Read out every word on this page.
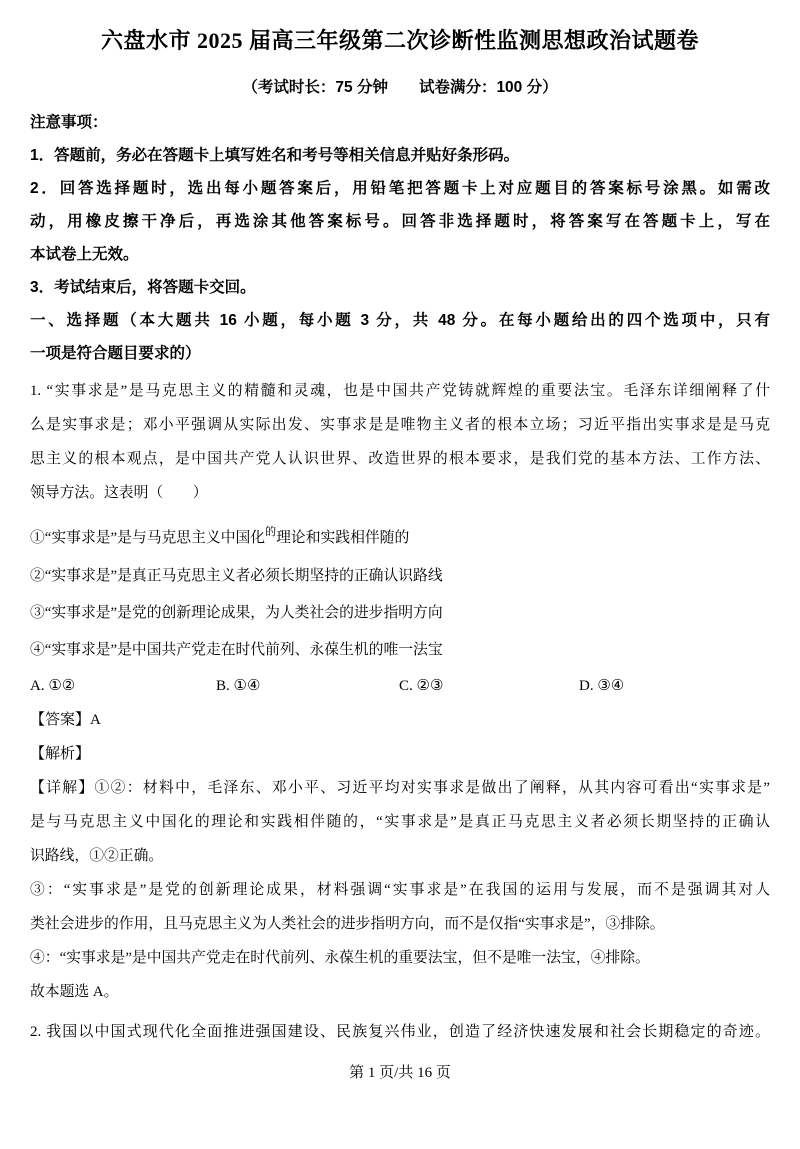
六盘水市 2025 届高三年级第二次诊断性监测思想政治试题卷
（考试时长：75 分钟　　试卷满分：100 分）
注意事项：
1．答题前，务必在答题卡上填写姓名和考号等相关信息并贴好条形码。
2．回答选择题时，选出每小题答案后，用铅笔把答题卡上对应题目的答案标号涂黑。如需改
动，用橡皮擦干净后，再选涂其他答案标号。回答非选择题时，将答案写在答题卡上，写在
本试卷上无效。
3．考试结束后，将答题卡交回。
一、选择题（本大题共 16 小题，每小题 3 分，共 48 分。在每小题给出的四个选项中，只有
一项是符合题目要求的）
1. “实事求是”是马克思主义的精髓和灵魂，也是中国共产党铸就辉煌的重要法宝。毛泽东详细阐释了什
么是实事求是；邓小平强调从实际出发、实事求是是唯物主义者的根本立场；习近平指出实事求是是马克
思主义的根本观点，是中国共产党人认识世界、改造世界的根本要求，是我们党的基本方法、工作方法、
领导方法。这表明（　　）
①“实事求是”是与马克思主义中国化$^的$理论和实践相伴随的
②“实事求是”是真正马克思主义者必须长期坚持的正确认识路线
③“实事求是”是党的创新理论成果，为人类社会的进步指明方向
④“实事求是”是中国共产党走在时代前列、永葆生机的唯一法宝
A. ①②	B. ①④	C. ②③	D. ③④
【答案】A
【解析】
【详解】①②：材料中，毛泽东、邓小平、习近平均对实事求是做出了阐释，从其内容可看出“实事求是”
是与马克思主义中国化的理论和实践相伴随的，“实事求是”是真正马克思主义者必须长期坚持的正确认
识路线，①②正确。
③：“实事求是”是党的创新理论成果，材料强调“实事求是”在我国的运用与发展，而不是强调其对人
类社会进步的作用，且马克思主义为人类社会的进步指明方向，而不是仅指“实事求是”，③排除。
④：“实事求是”是中国共产党走在时代前列、永葆生机的重要法宝，但不是唯一法宝，④排除。
故本题选 A。
2. 我国以中国式现代化全面推进强国建设、民族复兴伟业，创造了经济快速发展和社会长期稳定的奇迹。
第 1 页/共 16 页
